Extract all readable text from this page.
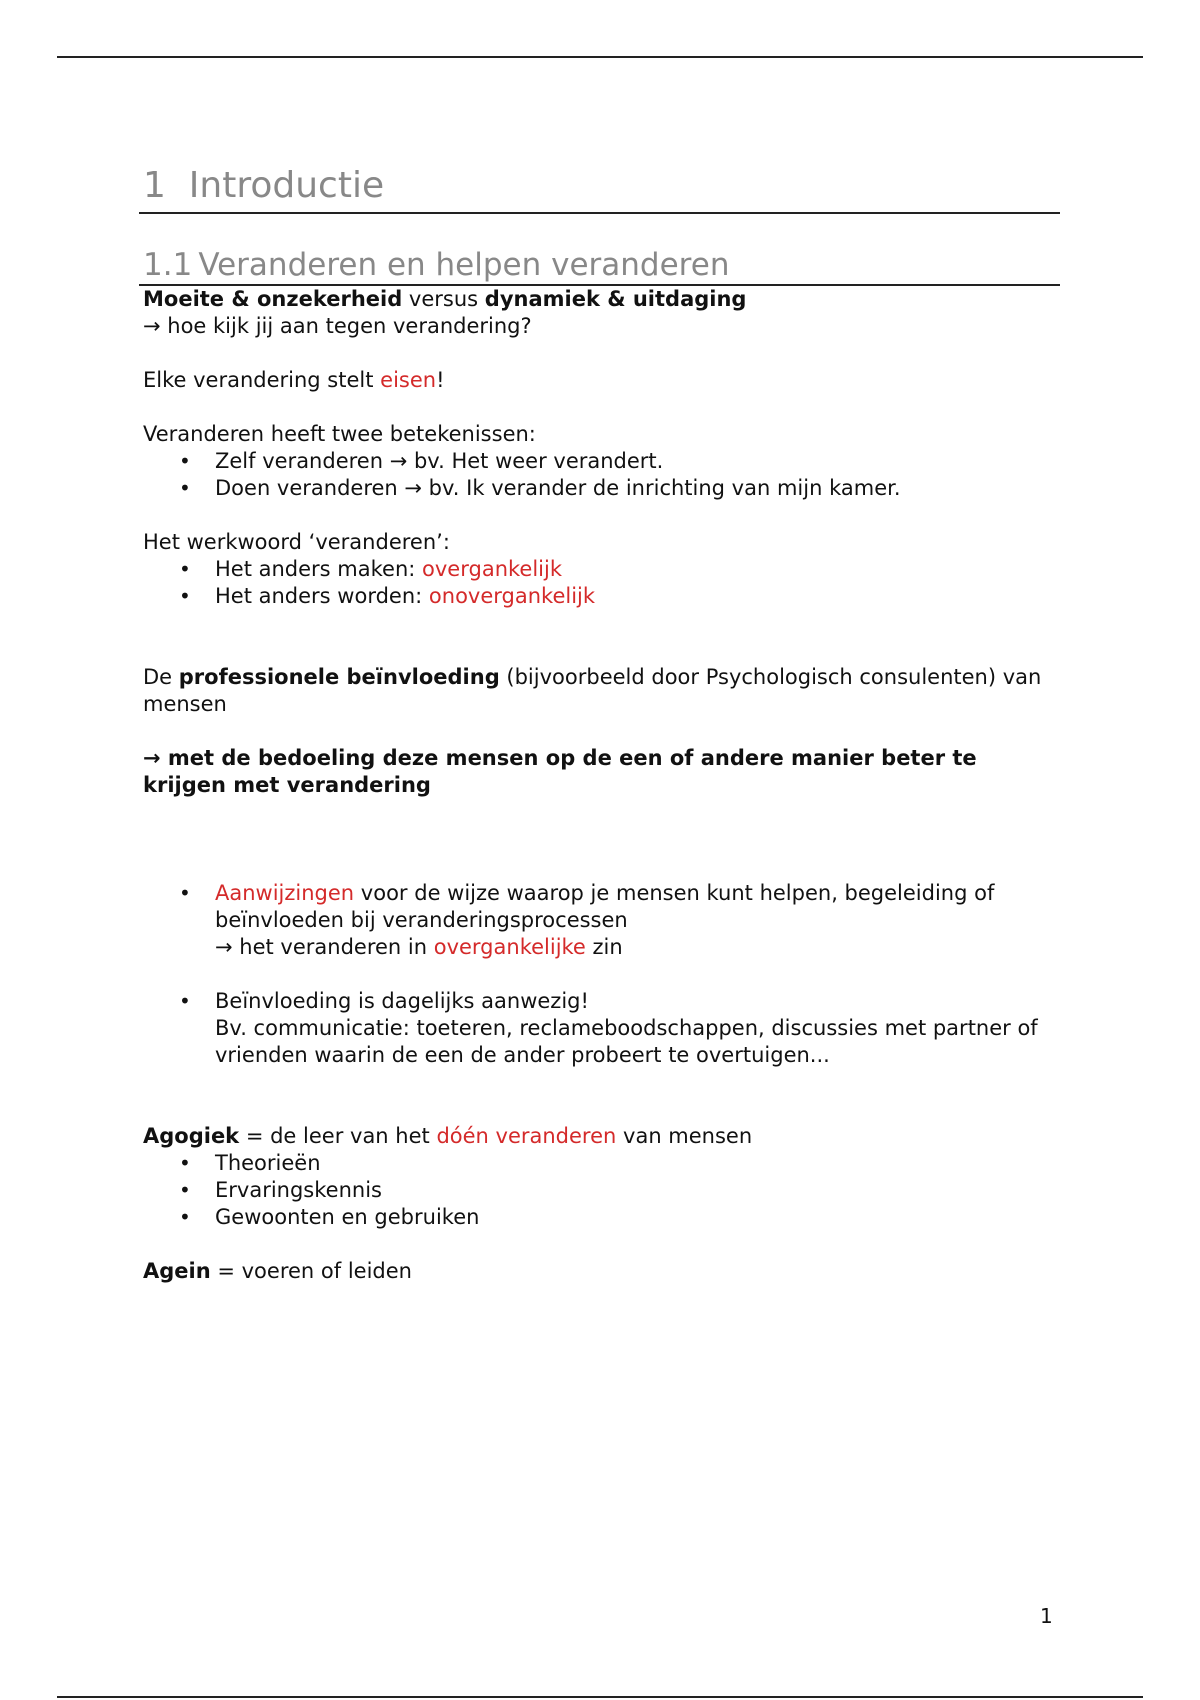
1 Introductie
1.1 Veranderen en helpen veranderen

Moeite & onzekerheid versus dynamiek & uitdaging

→ hoe kijk jij aan tegen verandering?

Elke verandering stelt eisen!

Veranderen heeft twee betekenissen:

• Zelf veranderen → bv. Het weer verandert.
• Doen veranderen → bv. Ik verander de inrichting van mijn kamer.

Het werkwoord ‘veranderen’:

• Het anders maken: overgankelijk
• Het anders worden: onovergankelijk

De professionele beïnvloeding (bijvoorbeeld door Psychologisch consulenten) van mensen

→ met de bedoeling deze mensen op de een of andere manier beter te krijgen met verandering

• Aanwijzingen voor de wijze waarop je mensen kunt helpen, begeleiding of beïnvloeden bij veranderingsprocessen
→ het veranderen in overgankelijke zin
• Beïnvloeding is dagelijks aanwezig!
Bv. communicatie: toeteren, reclameboodschappen, discussies met partner of vrienden waarin de een de ander probeert te overtuigen...

Agogiek = de leer van het dóén veranderen van mensen

• Theorieën
• Ervaringskennis
• Gewoonten en gebruiken

Agein = voeren of leiden

1
